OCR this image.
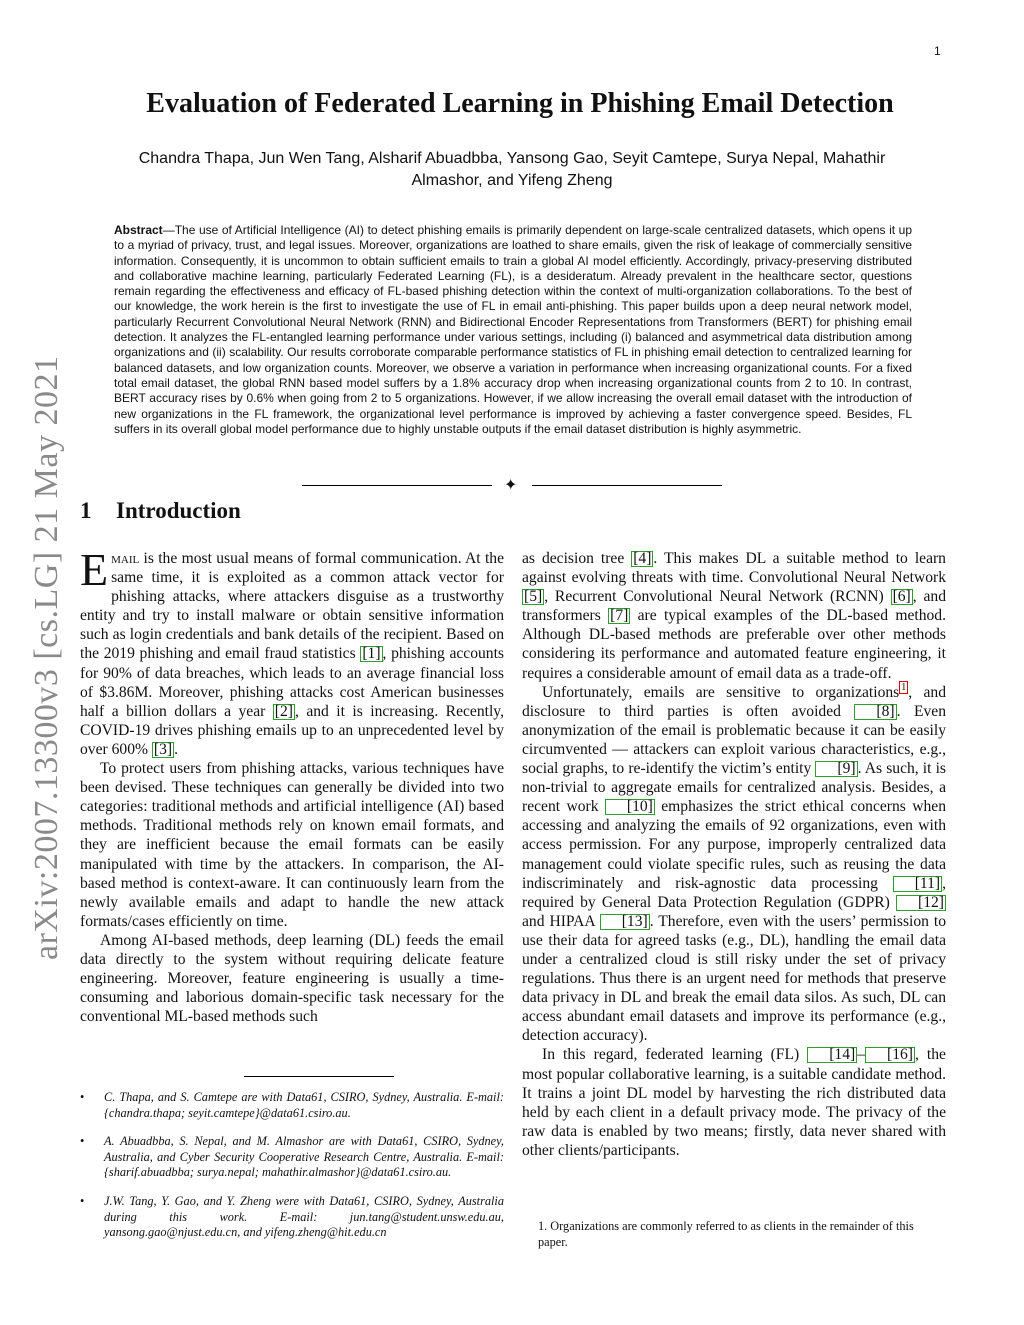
1
arXiv:2007.13300v3 [cs.LG] 21 May 2021
Evaluation of Federated Learning in Phishing Email Detection
Chandra Thapa, Jun Wen Tang, Alsharif Abuadbba, Yansong Gao, Seyit Camtepe, Surya Nepal, Mahathir
Almashor, and Yifeng Zheng
Abstract—The use of Artificial Intelligence (AI) to detect phishing emails is primarily dependent on large-scale centralized datasets, which opens it up to a myriad of privacy, trust, and legal issues. Moreover, organizations are loathed to share emails, given the risk of leakage of commercially sensitive information. Consequently, it is uncommon to obtain sufficient emails to train a global AI model efficiently. Accordingly, privacy-preserving distributed and collaborative machine learning, particularly Federated Learning (FL), is a desideratum. Already prevalent in the healthcare sector, questions remain regarding the effectiveness and efficacy of FL-based phishing detection within the context of multi-organization collaborations. To the best of our knowledge, the work herein is the first to investigate the use of FL in email anti-phishing. This paper builds upon a deep neural network model, particularly Recurrent Convolutional Neural Network (RNN) and Bidirectional Encoder Representations from Transformers (BERT) for phishing email detection. It analyzes the FL-entangled learning performance under various settings, including (i) balanced and asymmetrical data distribution among organizations and (ii) scalability. Our results corroborate comparable performance statistics of FL in phishing email detection to centralized learning for balanced datasets, and low organization counts. Moreover, we observe a variation in performance when increasing organizational counts. For a fixed total email dataset, the global RNN based model suffers by a 1.8% accuracy drop when increasing organizational counts from 2 to 10. In contrast, BERT accuracy rises by 0.6% when going from 2 to 5 organizations. However, if we allow increasing the overall email dataset with the introduction of new organizations in the FL framework, the organizational level performance is improved by achieving a faster convergence speed. Besides, FL suffers in its overall global model performance due to highly unstable outputs if the email dataset distribution is highly asymmetric.
✦
1 Introduction

Email is the most usual means of formal communication. At the same time, it is exploited as a common attack vector for phishing attacks, where attackers disguise as a trustworthy entity and try to install malware or obtain sensitive information such as login credentials and bank details of the recipient. Based on the 2019 phishing and email fraud statistics [1] , phishing accounts for 90% of data breaches, which leads to an average financial loss of $3.86M. Moreover, phishing attacks cost American businesses half a billion dollars a year [2] , and it is increasing. Recently, COVID-19 drives phishing emails up to an unprecedented level by over 600% [3] .

To protect users from phishing attacks, various techniques have been devised. These techniques can generally be divided into two categories: traditional methods and artificial intelligence (AI) based methods. Traditional methods rely on known email formats, and they are inefficient because the email formats can be easily manipulated with time by the attackers. In comparison, the AI-based method is context-aware. It can continuously learn from the newly available emails and adapt to handle the new attack formats/cases efficiently on time.

Among AI-based methods, deep learning (DL) feeds the email data directly to the system without requiring delicate feature engineering. Moreover, feature engineering is usually a time-consuming and laborious domain-specific task necessary for the conventional ML-based methods such

• C. Thapa, and S. Camtepe are with Data61, CSIRO, Sydney, Australia. E-mail: {chandra.thapa; seyit.camtepe}@data61.csiro.au.
• A. Abuadbba, S. Nepal, and M. Almashor are with Data61, CSIRO, Sydney, Australia, and Cyber Security Cooperative Research Centre, Australia. E-mail: {sharif.abuadbba; surya.nepal; mahathir.almashor}@data61.csiro.au.
• J.W. Tang, Y. Gao, and Y. Zheng were with Data61, CSIRO, Sydney, Australia during this work. E-mail: jun.tang@student.unsw.edu.au, yansong.gao@njust.edu.cn, and yifeng.zheng@hit.edu.cn

as decision tree [4] . This makes DL a suitable method to learn against evolving threats with time. Convolutional Neural Network [5] , Recurrent Convolutional Neural Network (RCNN) [6] , and transformers [7] are typical examples of the DL-based method. Although DL-based methods are preferable over other methods considering its performance and automated feature engineering, it requires a considerable amount of email data as a trade-off.

Unfortunately, emails are sensitive to organizations $^1$ , and disclosure to third parties is often avoided [8] . Even anonymization of the email is problematic because it can be easily circumvented — attackers can exploit various characteristics, e.g., social graphs, to re-identify the victim’s entity [9] . As such, it is non-trivial to aggregate emails for centralized analysis. Besides, a recent work [10] emphasizes the strict ethical concerns when accessing and analyzing the emails of 92 organizations, even with access permission. For any purpose, improperly centralized data management could violate specific rules, such as reusing the data indiscriminately and risk-agnostic data processing [11] , required by General Data Protection Regulation (GDPR) [12] and HIPAA [13] . Therefore, even with the users’ permission to use their data for agreed tasks (e.g., DL), handling the email data under a centralized cloud is still risky under the set of privacy regulations. Thus there is an urgent need for methods that preserve data privacy in DL and break the email data silos. As such, DL can access abundant email datasets and improve its performance (e.g., detection accuracy).

In this regard, federated learning (FL) [14] – [16] , the most popular collaborative learning, is a suitable candidate method. It trains a joint DL model by harvesting the rich distributed data held by each client in a default privacy mode. The privacy of the raw data is enabled by two means; firstly, data never shared with other clients/participants.

1. Organizations are commonly referred to as clients in the remainder of this paper.
